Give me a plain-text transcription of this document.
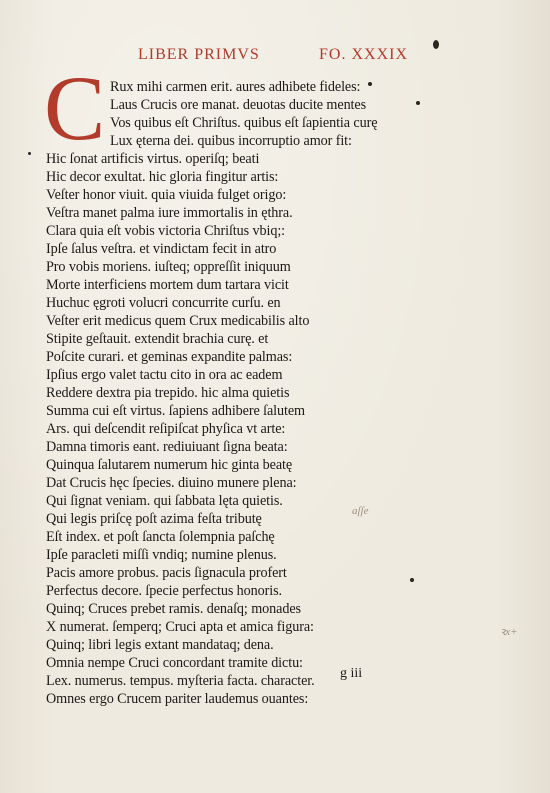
LIBER PRIMVS	FO. XXXIX
C Rux mihi carmen erit. aures adhibete fideles:
Laus Crucis ore manat. deuotas ducite mentes
Vos quibus eſt Chriſtus. quibus eſt ſapientia curę
Lux ęterna dei. quibus incorruptio amor fit:
Hic ſonat artificis virtus. operiſq; beati
Hic decor exultat. hic gloria fingitur artis:
Veſter honor viuit. quia viuida fulget origo:
Veſtra manet palma iure immortalis in ęthra.
Clara quia eſt vobis victoria Chriſtus vbiq;:
Ipſe ſalus veſtra. et vindictam fecit in atro
Pro vobis moriens. iuſteq; oppreſſit iniquum
Morte interficiens mortem dum tartara vicit
Huchuc ęgroti volucri concurrite curſu. en
Veſter erit medicus quem Crux medicabilis alto
Stipite geſtauit. extendit brachia curę. et
Poſcite curari. et geminas expandite palmas:
Ipſius ergo valet tactu cito in ora ac eadem
Reddere dextra pia trepido. hic alma quietis
Summa cui eſt virtus. ſapiens adhibere ſalutem
Ars. qui deſcendit reſipiſcat phyſica vt arte:
Damna timoris eant. rediuiuant ſigna beata:
Quinqua ſalutarem numerum hic ginta beatę
Dat Crucis hęc ſpecies. diuino munere plena:
Qui ſignat veniam. qui ſabbata lęta quietis.
Qui legis priſcę poſt azima feſta tributę
Eſt index. et poſt ſancta ſolempnia paſchę
Ipſe paracleti miſſi vndiq; numine plenus.
Pacis amore probus. pacis ſignacula profert
Perfectus decore. ſpecie perfectus honoris.
Quinq; Cruces prebet ramis. denaſq; monades
X numerat. ſemperq; Cruci apta et amica figura:
Quinq; libri legis extant mandataq; dena.
Omnia nempe Cruci concordant tramite dictu:
Lex. numerus. tempus. myſteria facta. character.
Omnes ergo Crucem pariter laudemus ouantes:
g iii
aſſe
ꝛx+
